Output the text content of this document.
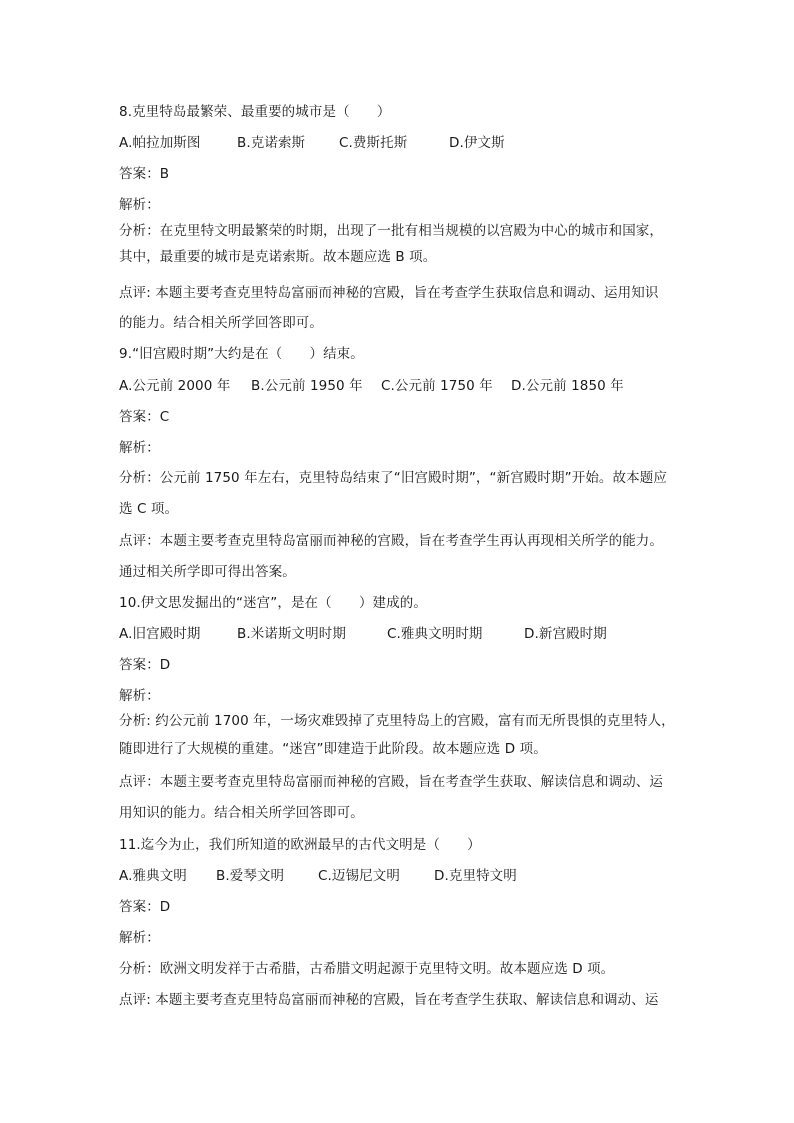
8.克里特岛最繁荣、最重要的城市是（　　）
A.帕拉加斯图	B.克诺索斯	C.费斯托斯	D.伊文斯
答案：B
解析：
分析：在克里特文明最繁荣的时期，出现了一批有相当规模的以宫殿为中心的城市和国家，
其中，最重要的城市是克诺索斯。故本题应选 B 项。
点评: 本题主要考查克里特岛富丽而神秘的宫殿，旨在考查学生获取信息和调动、运用知识
的能力。结合相关所学回答即可。
9.“旧宫殿时期”大约是在（　　）结束。
A.公元前 2000 年 B.公元前 1950 年 C.公元前 1750 年 D.公元前 1850 年
答案：C
解析：
分析：公元前 1750 年左右，克里特岛结束了“旧宫殿时期”，“新宫殿时期”开始。故本题应
选 C 项。
点评：本题主要考查克里特岛富丽而神秘的宫殿，旨在考查学生再认再现相关所学的能力。
通过相关所学即可得出答案。
10.伊文思发掘出的“迷宫”，是在（　　）建成的。
A.旧宫殿时期	B.米诺斯文明时期	C.雅典文明时期	D.新宫殿时期
答案：D
解析：
分析: 约公元前 1700 年，一场灾难毁掉了克里特岛上的宫殿，富有而无所畏惧的克里特人，
随即进行了大规模的重建。“迷宫”即建造于此阶段。故本题应选 D 项。
点评：本题主要考查克里特岛富丽而神秘的宫殿，旨在考查学生获取、解读信息和调动、运
用知识的能力。结合相关所学回答即可。
11.迄今为止，我们所知道的欧洲最早的古代文明是（　　）
A.雅典文明 B.爱琴文明	C.迈锡尼文明	D.克里特文明
答案：D
解析：
分析：欧洲文明发祥于古希腊，古希腊文明起源于克里特文明。故本题应选 D 项。
点评: 本题主要考查克里特岛富丽而神秘的宫殿，旨在考查学生获取、解读信息和调动、运
